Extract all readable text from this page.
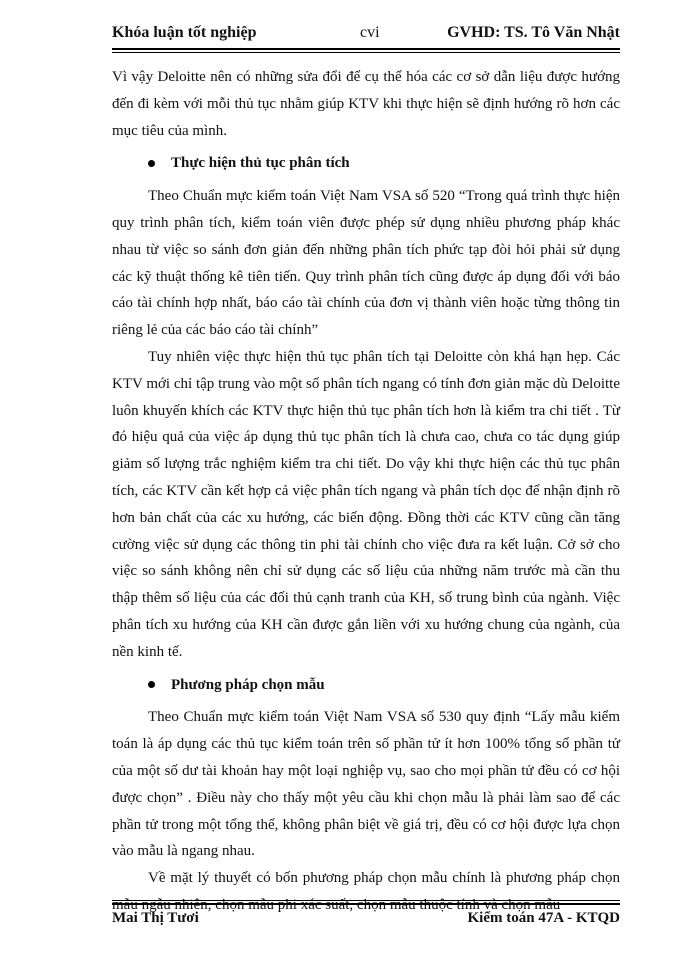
Khóa luận tốt nghiệp	cvi	GVHD: TS. Tô Văn Nhật

Vì vậy Deloitte nên có những sửa đổi để cụ thể hóa các cơ sở dẫn liệu được hướng đến đi kèm với mỗi thủ tục nhằm giúp KTV khi thực hiện sẽ định hướng rõ hơn các mục tiêu của mình.

Thực hiện thủ tục phân tích

Theo Chuẩn mực kiểm toán Việt Nam VSA số 520 “Trong quá trình thực hiện quy trình phân tích, kiểm toán viên được phép sử dụng nhiều phương pháp khác nhau từ việc so sánh đơn giản đến những phân tích phức tạp đòi hỏi phải sử dụng các kỹ thuật thống kê tiên tiến. Quy trình phân tích cũng được áp dụng đối với báo cáo tài chính hợp nhất, báo cáo tài chính của đơn vị thành viên hoặc từng thông tin riêng lẻ của các báo cáo tài chính”

Tuy nhiên việc thực hiện thủ tục phân tích tại Deloitte còn khá hạn hẹp. Các KTV mới chỉ tập trung vào một số phân tích ngang có tính đơn giản mặc dù Deloitte luôn khuyến khích các KTV thực hiện thủ tục phân tích hơn là kiểm tra chi tiết . Từ đó hiệu quả của việc áp dụng thủ tục phân tích là chưa cao, chưa co tác dụng giúp giảm số lượng trắc nghiệm kiểm tra chi tiết. Do vậy khi thực hiện các thủ tục phân tích, các KTV cần kết hợp cả việc phân tích ngang và phân tích dọc để nhận định rõ hơn bản chất của các xu hướng, các biến động. Đồng thời các KTV cũng cần tăng cường việc sử dụng các thông tin phi tài chính cho việc đưa ra kết luận. Cở sở cho việc so sánh không nên chỉ sử dụng các số liệu của những năm trước mà cần thu thập thêm số liệu của các đối thủ cạnh tranh của KH, số trung bình của ngành. Việc phân tích xu hướng của KH cần được gắn liền với xu hướng chung của ngành, của nền kinh tế.

Phương pháp chọn mẫu

Theo Chuẩn mực kiểm toán Việt Nam VSA số 530 quy định “Lấy mẫu kiểm toán là áp dụng các thủ tục kiểm toán trên số phần tử ít hơn 100% tổng số phần tử của một số dư tài khoản hay một loại nghiệp vụ, sao cho mọi phần tử đều có cơ hội được chọn” . Điều này cho thấy một yêu cầu khi chọn mẫu là phải làm sao để các phần tử trong một tổng thể, không phân biệt về giá trị, đều có cơ hội được lựa chọn vào mẫu là ngang nhau.

Về mặt lý thuyết có bốn phương pháp chọn mẫu chính là phương pháp chọn

Mai Thị Tươi	Kiểm toán 47A - KTQD
